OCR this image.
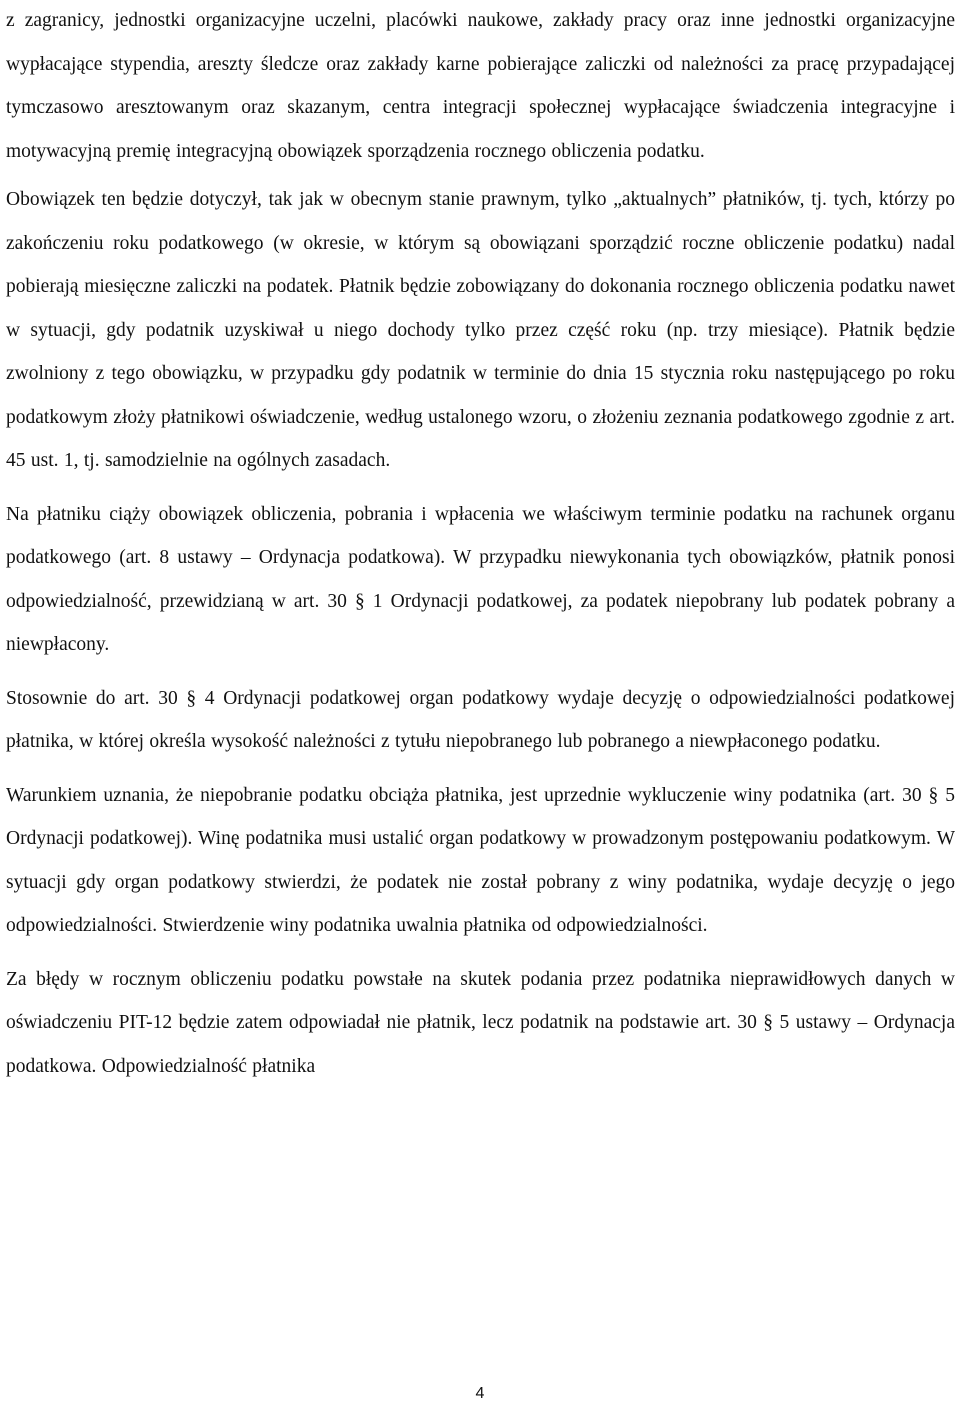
z zagranicy, jednostki organizacyjne uczelni, placówki naukowe, zakłady pracy oraz inne jednostki organizacyjne wypłacające stypendia, areszty śledcze oraz zakłady karne pobierające zaliczki od należności za pracę przypadającej tymczasowo aresztowanym oraz skazanym, centra integracji społecznej wypłacające świadczenia integracyjne i motywacyjną premię integracyjną obowiązek sporządzenia rocznego obliczenia podatku.

Obowiązek ten będzie dotyczył, tak jak w obecnym stanie prawnym, tylko „aktualnych” płatników, tj. tych, którzy po zakończeniu roku podatkowego (w okresie, w którym są obowiązani sporządzić roczne obliczenie podatku) nadal pobierają miesięczne zaliczki na podatek. Płatnik będzie zobowiązany do dokonania rocznego obliczenia podatku nawet w sytuacji, gdy podatnik uzyskiwał u niego dochody tylko przez część roku (np. trzy miesiące). Płatnik będzie zwolniony z tego obowiązku, w przypadku gdy podatnik w terminie do dnia 15 stycznia roku następującego po roku podatkowym złoży płatnikowi oświadczenie, według ustalonego wzoru, o złożeniu zeznania podatkowego zgodnie z art. 45 ust. 1, tj. samodzielnie na ogólnych zasadach.

Na płatniku ciąży obowiązek obliczenia, pobrania i wpłacenia we właściwym terminie podatku na rachunek organu podatkowego (art. 8 ustawy – Ordynacja podatkowa). W przypadku niewykonania tych obowiązków, płatnik ponosi odpowiedzialność, przewidzianą w art. 30 § 1 Ordynacji podatkowej, za podatek niepobrany lub podatek pobrany a niewpłacony.

Stosownie do art. 30 § 4 Ordynacji podatkowej organ podatkowy wydaje decyzję o odpowiedzialności podatkowej płatnika, w której określa wysokość należności z tytułu niepobranego lub pobranego a niewpłaconego podatku.

Warunkiem uznania, że niepobranie podatku obciąża płatnika, jest uprzednie wykluczenie winy podatnika (art. 30 § 5 Ordynacji podatkowej). Winę podatnika musi ustalić organ podatkowy w prowadzonym postępowaniu podatkowym. W sytuacji gdy organ podatkowy stwierdzi, że podatek nie został pobrany z winy podatnika, wydaje decyzję o jego odpowiedzialności. Stwierdzenie winy podatnika uwalnia płatnika od odpowiedzialności.

Za błędy w rocznym obliczeniu podatku powstałe na skutek podania przez podatnika nieprawidłowych danych w oświadczeniu PIT-12 będzie zatem odpowiadał nie płatnik, lecz podatnik na podstawie art. 30 § 5 ustawy – Ordynacja podatkowa. Odpowiedzialność płatnika

4
